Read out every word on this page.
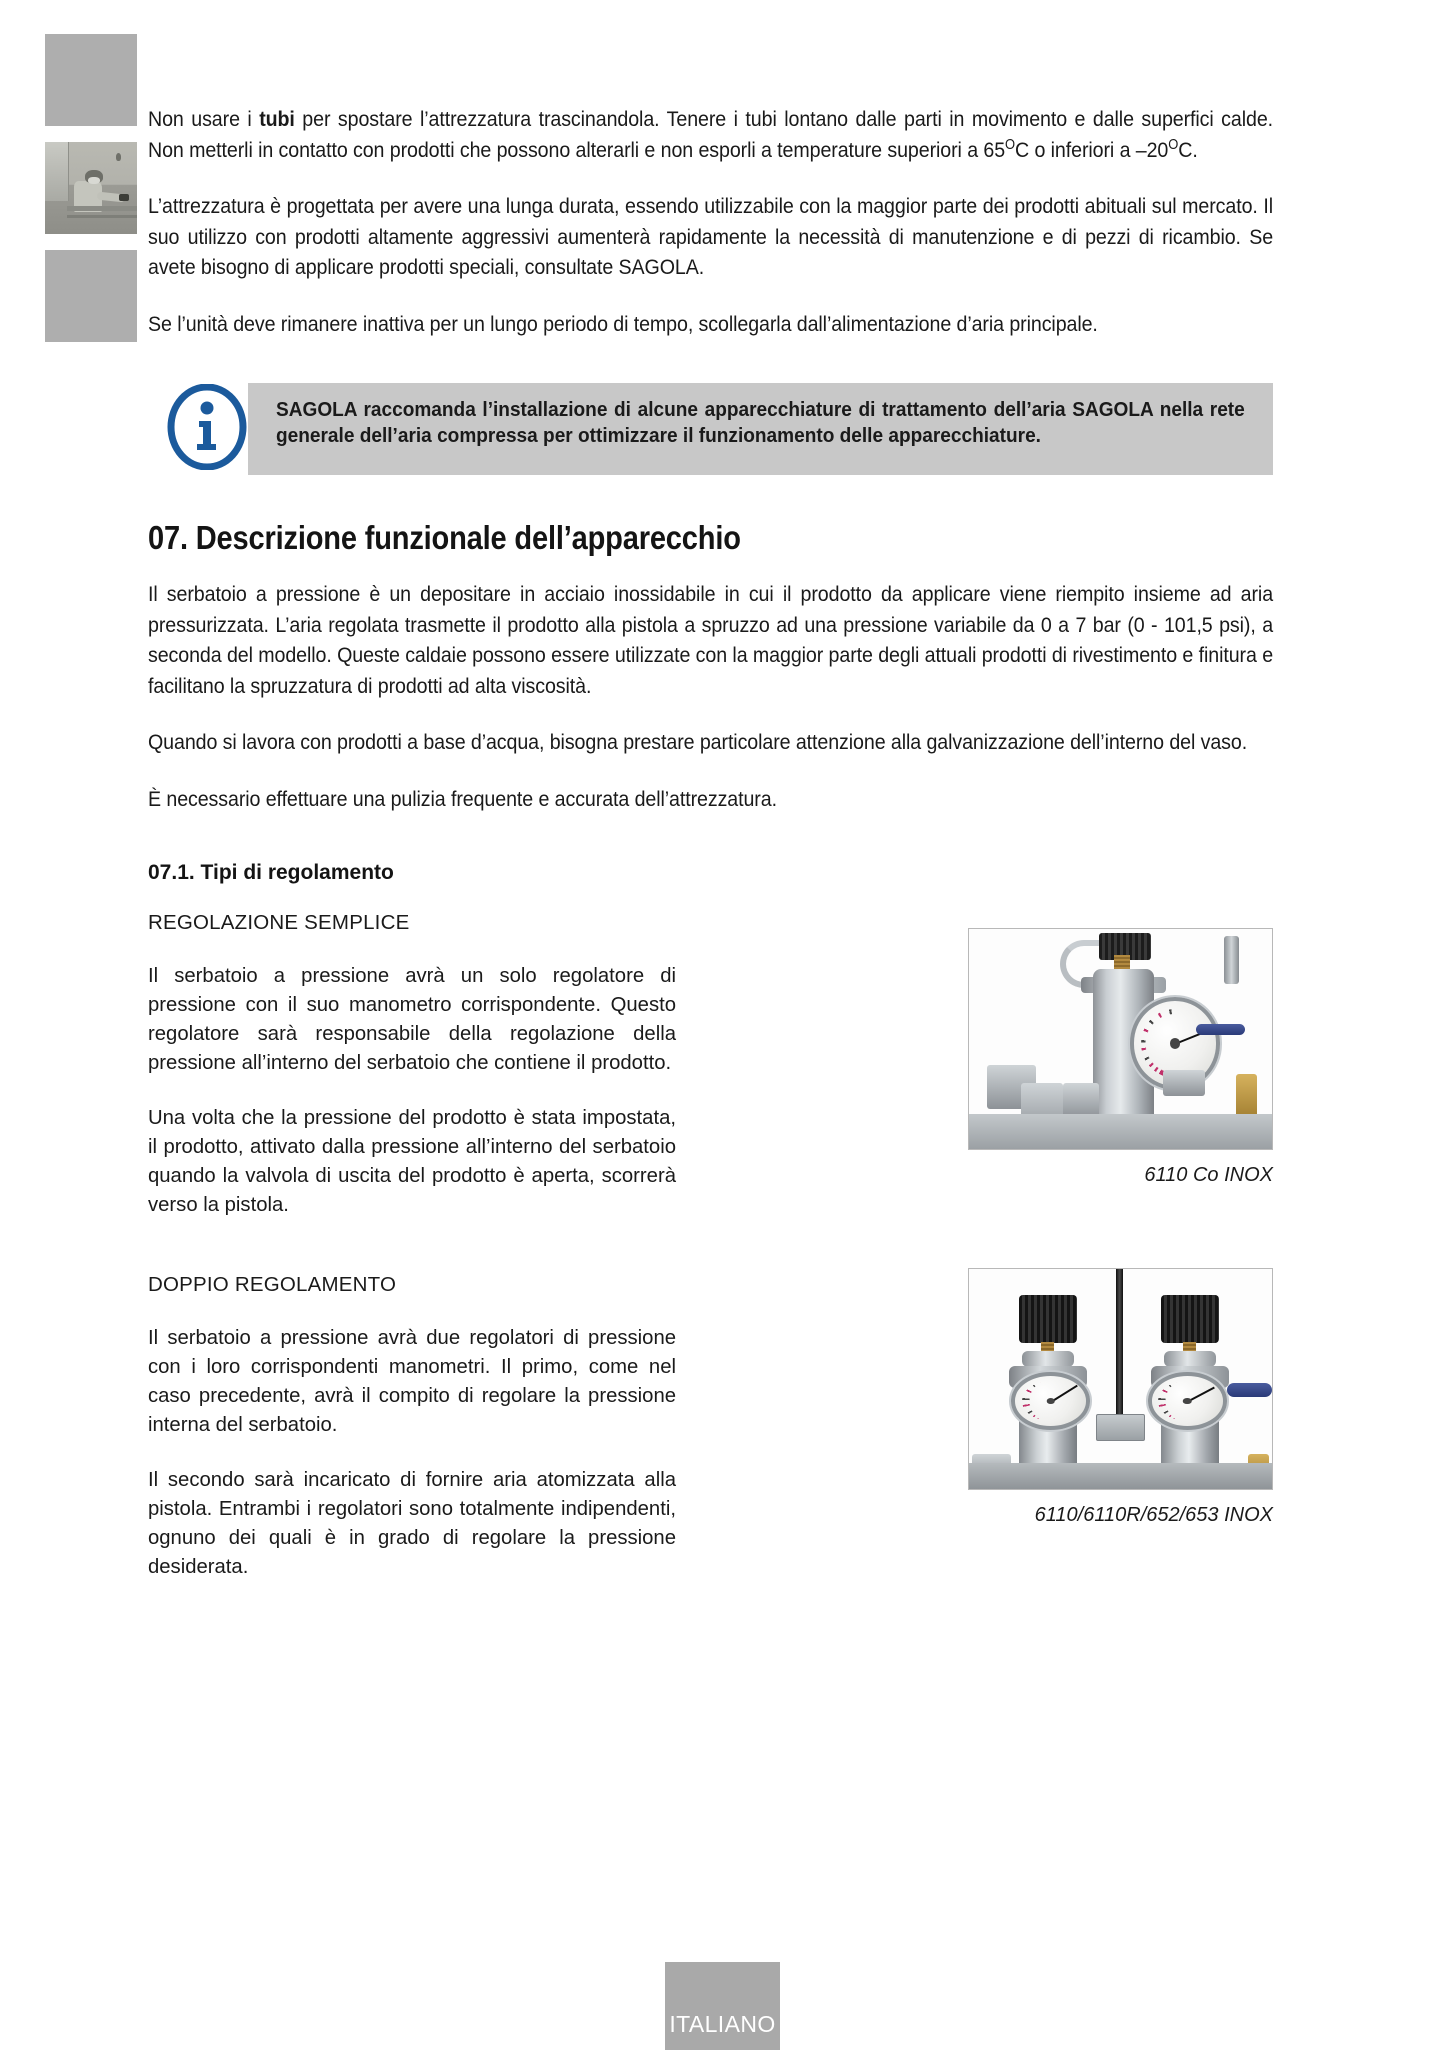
Non usare i tubi per spostare l’attrezzatura trascinandola. Tenere i tubi lontano dalle parti in movimento e dalle superfici calde. Non metterli in contatto con prodotti che possono alterarli e non esporli a temperature superiori a $65^OC$ o inferiori a $-20^OC$.

L’attrezzatura è progettata per avere una lunga durata, essendo utilizzabile con la maggior parte dei prodotti abituali sul mercato. Il suo utilizzo con prodotti altamente aggressivi aumenterà rapidamente la necessità di manutenzione e di pezzi di ricambio. Se avete bisogno di applicare prodotti speciali, consultate SAGOLA.

Se l’unità deve rimanere inattiva per un lungo periodo di tempo, scollegarla dall’alimentazione d’aria principale.

SAGOLA raccomanda l’installazione di alcune apparecchiature di trattamento dell’aria SAGOLA nella rete generale dell’aria compressa per ottimizzare il funzionamento delle apparecchiature.
07. Descrizione funzionale dell’apparecchio

Il serbatoio a pressione è un depositare in acciaio inossidabile in cui il prodotto da applicare viene riempito insieme ad aria pressurizzata. L’aria regolata trasmette il prodotto alla pistola a spruzzo ad una pressione variabile da 0 a 7 bar (0 - 101,5 psi), a seconda del modello. Queste caldaie possono essere utilizzate con la maggior parte degli attuali prodotti di rivestimento e finitura e facilitano la spruzzatura di prodotti ad alta viscosità.

Quando si lavora con prodotti a base d’acqua, bisogna prestare particolare attenzione alla galvanizzazione dell’interno del vaso.

È necessario effettuare una pulizia frequente e accurata dell’attrezzatura.

07.1. Tipi di regolamento
REGOLAZIONE SEMPLICE

Il serbatoio a pressione avrà un solo regolatore di pressione con il suo manometro corrispondente. Questo regolatore sarà responsabile della regolazione della pressione all’interno del serbatoio che contiene il prodotto.

Una volta che la pressione del prodotto è stata impostata, il prodotto, attivato dalla pressione all’interno del serbatoio quando la valvola di uscita del prodotto è aperta, scorrerà verso la pistola.

6110 Co INOX
DOPPIO REGOLAMENTO

Il serbatoio a pressione avrà due regolatori di pressione con i loro corrispondenti manometri. Il primo, come nel caso precedente, avrà il compito di regolare la pressione interna del serbatoio.

Il secondo sarà incaricato di fornire aria atomizzata alla pistola. Entrambi i regolatori sono totalmente indipendenti, ognuno dei quali è in grado di regolare la pressione desiderata.

6110/6110R/652/653 INOX
ITALIANO
